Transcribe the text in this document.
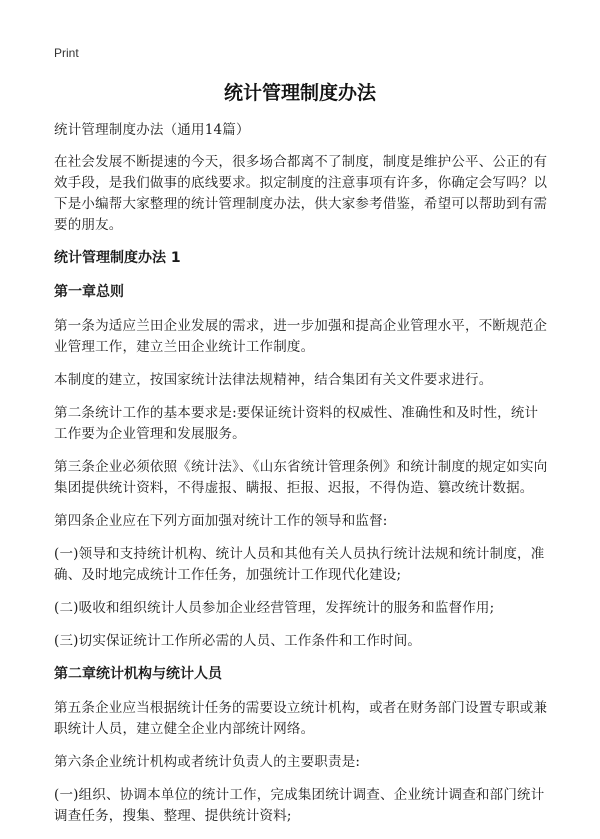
Print
统计管理制度办法

统计管理制度办法（通用14篇）

在社会发展不断提速的今天，很多场合都离不了制度，制度是维护公平、公正的有效手段，是我们做事的底线要求。拟定制度的注意事项有许多，你确定会写吗？以下是小编帮大家整理的统计管理制度办法，供大家参考借鉴，希望可以帮助到有需要的朋友。

统计管理制度办法 1
第一章总则

第一条为适应兰田企业发展的需求，进一步加强和提高企业管理水平，不断规范企业管理工作，建立兰田企业统计工作制度。

本制度的建立，按国家统计法律法规精神，结合集团有关文件要求进行。

第二条统计工作的基本要求是:要保证统计资料的权威性、准确性和及时性，统计工作要为企业管理和发展服务。

第三条企业必须依照《统计法》、《山东省统计管理条例》和统计制度的规定如实向集团提供统计资料，不得虚报、瞒报、拒报、迟报，不得伪造、篡改统计数据。

第四条企业应在下列方面加强对统计工作的领导和监督:

(一)领导和支持统计机构、统计人员和其他有关人员执行统计法规和统计制度，准确、及时地完成统计工作任务，加强统计工作现代化建设;

(二)吸收和组织统计人员参加企业经营管理，发挥统计的服务和监督作用;

(三)切实保证统计工作所必需的人员、工作条件和工作时间。

第二章统计机构与统计人员

第五条企业应当根据统计任务的需要设立统计机构，或者在财务部门设置专职或兼职统计人员，建立健全企业内部统计网络。

第六条企业统计机构或者统计负责人的主要职责是:

(一)组织、协调本单位的统计工作，完成集团统计调查、企业统计调查和部门统计调查任务，搜集、整理、提供统计资料;
